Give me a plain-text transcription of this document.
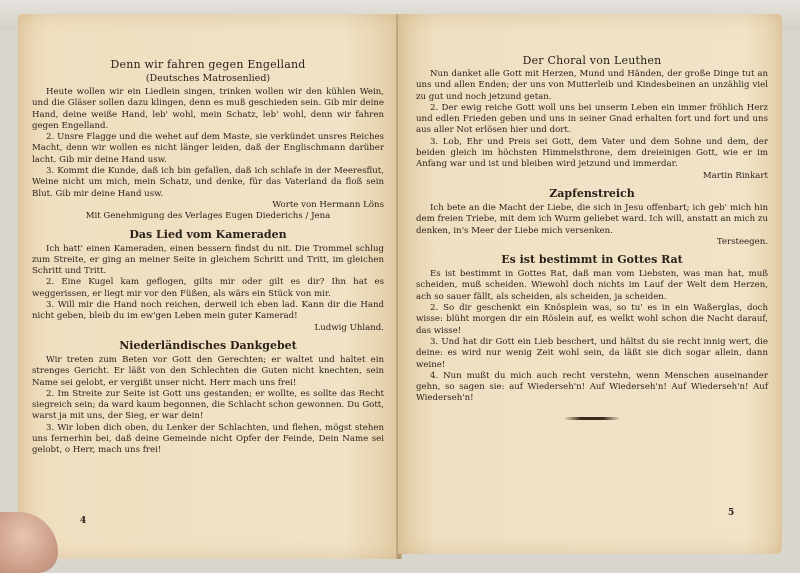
Denn wir fahren gegen Engelland

(Deutsches Matrosenlied)

Heute wollen wir ein Liedlein singen, trinken wollen wir den kühlen Wein, und die Gläser sollen dazu klingen, denn es muß geschieden sein. Gib mir deine Hand, deine weiße Hand, leb' wohl, mein Schatz, leb' wohl, denn wir fahren gegen Engelland.

2. Unsre Flagge und die wehet auf dem Maste, sie verkündet unsres Reiches Macht, denn wir wollen es nicht länger leiden, daß der Englischmann darüber lacht. Gib mir deine Hand usw.

3. Kommt die Kunde, daß ich bin gefallen, daß ich schlafe in der Meeresflut, Weine nicht um mich, mein Schatz, und denke, für das Vaterland da floß sein Blut. Gib mir deine Hand usw.

Worte von Hermann Löns

Mit Genehmigung des Verlages Eugen Diederichs / Jena

Das Lied vom Kameraden

Ich hatt' einen Kameraden, einen bessern findst du nit. Die Trommel schlug zum Streite, er ging an meiner Seite in gleichem Schritt und Tritt, im gleichen Schritt und Tritt.

2. Eine Kugel kam geflogen, gilts mir oder gilt es dir? Ihn hat es weggerissen, er liegt mir vor den Füßen, als wärs ein Stück von mir.

3. Will mir die Hand noch reichen, derweil ich eben lad. Kann dir die Hand nicht geben, bleib du im ew'gen Leben mein guter Kamerad!

Ludwig Uhland.

Niederländisches Dankgebet

Wir treten zum Beten vor Gott den Gerechten; er waltet und haltet ein strenges Gericht. Er läßt von den Schlechten die Guten nicht knechten, sein Name sei gelobt, er vergißt unser nicht. Herr mach uns frei!

2. Im Streite zur Seite ist Gott uns gestanden; er wollte, es sollte das Recht siegreich sein; da ward kaum begonnen, die Schlacht schon gewonnen. Du Gott, warst ja mit uns, der Sieg, er war dein!

3. Wir loben dich oben, du Lenker der Schlachten, und flehen, mögst stehen uns fernerhin bei, daß deine Gemeinde nicht Opfer der Feinde, Dein Name sei gelobt, o Herr, mach uns frei!

4

Der Choral von Leuthen

Nun danket alle Gott mit Herzen, Mund und Händen, der große Dinge tut an uns und allen Enden; der uns von Mutterleib und Kindesbeinen an unzählig viel zu gut und noch jetzund getan.

2. Der ewig reiche Gott woll uns bei unserm Leben ein immer fröhlich Herz und edlen Frieden geben und uns in seiner Gnad erhalten fort und fort und uns aus aller Not erlösen hier und dort.

3. Lob, Ehr und Preis sei Gott, dem Vater und dem Sohne und dem, der beiden gleich im höchsten Himmelsthrone, dem dreieinigen Gott, wie er im Anfang war und ist und bleiben wird jetzund und immerdar.

Martin Rinkart

Zapfenstreich

Ich bete an die Macht der Liebe, die sich in Jesu offenbart; ich geb' mich hin dem freien Triebe, mit dem ich Wurm geliebet ward. Ich will, anstatt an mich zu denken, in's Meer der Liebe mich versenken.

Tersteegen.

Es ist bestimmt in Gottes Rat

Es ist bestimmt in Gottes Rat, daß man vom Liebsten, was man hat, muß scheiden, muß scheiden. Wiewohl doch nichts im Lauf der Welt dem Herzen, ach so sauer fällt, als scheiden, als scheiden, ja scheiden.

2. So dir geschenkt ein Knösplein was, so tu' es in ein Waßerglas, doch wisse: blüht morgen dir ein Röslein auf, es welkt wohl schon die Nacht darauf, das wisse!

3. Und hat dir Gott ein Lieb beschert, und hältst du sie recht innig wert, die deine: es wird nur wenig Zeit wohl sein, da läßt sie dich sogar allein, dann weine!

4. Nun mußt du mich auch recht verstehn, wenn Menschen auseinander gehn, so sagen sie: auf Wiederseh'n! Auf Wiederseh'n! Auf Wiederseh'n! Auf Wiederseh'n!

5
